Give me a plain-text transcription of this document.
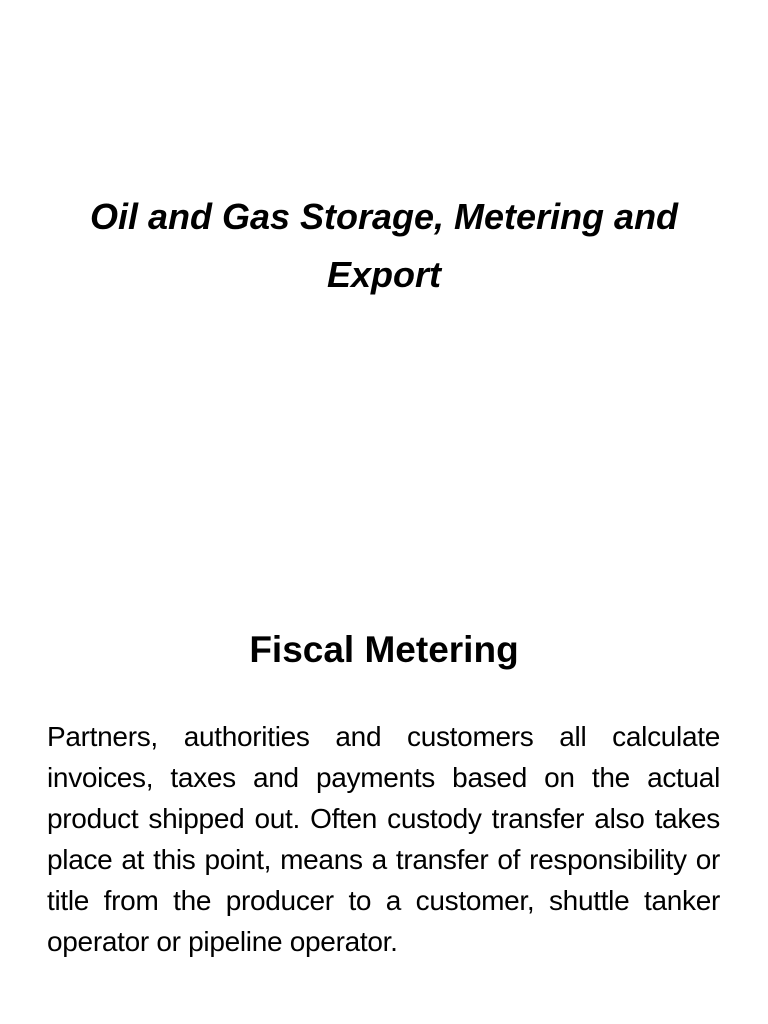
Oil and Gas Storage, Metering and Export
Fiscal Metering

Partners, authorities and customers all calculate invoices, taxes and payments based on the actual product shipped out. Often custody transfer also takes place at this point, means a transfer of responsibility or title from the producer to a customer, shuttle tanker operator or pipeline operator.
